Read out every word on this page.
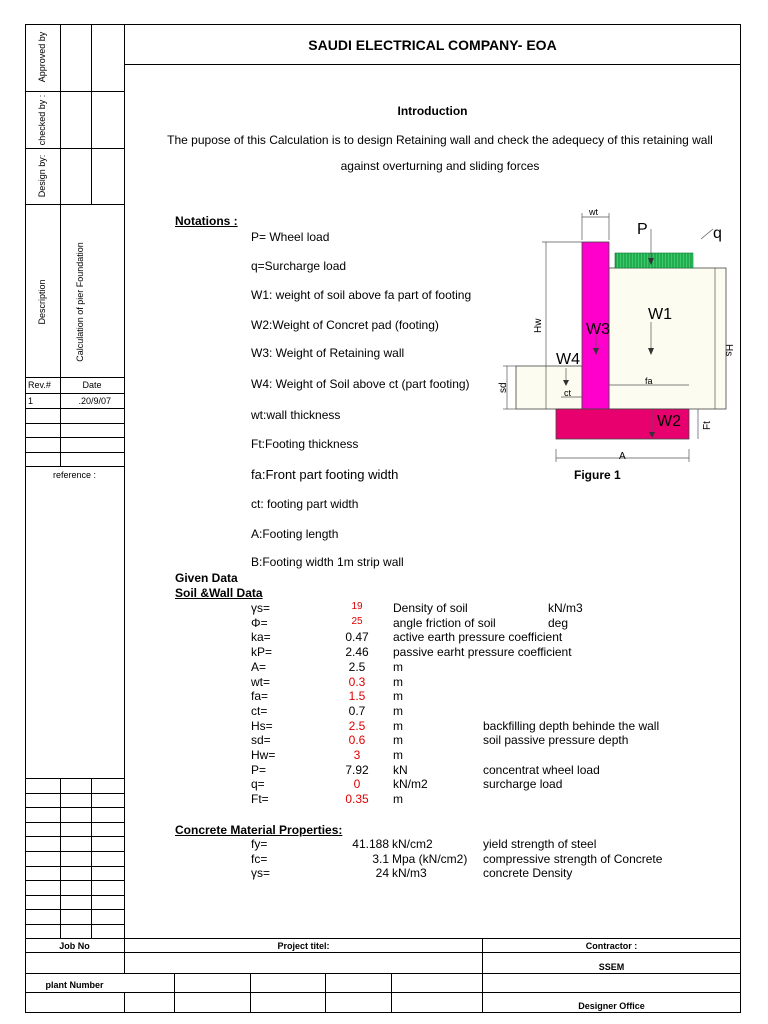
Approved by
checked by :
Design by:
Description	Calculation of pier Foundation
Rev.#	Date
1	.20/9/07
reference :
SAUDI ELECTRICAL COMPANY- EOA
Introduction
The pupose of this Calculation is to design Retaining wall and check the adequecy of this retaining wall
against overturning and sliding forces
Notations :
P= Wheel load
q=Surcharge load
W1: weight of soil above fa part of footing
W2:Weight of Concret pad (footing)
W3: Weight of Retaining wall
W4: Weight of Soil above ct (part footing)
wt:wall thickness
Ft:Footing thickness
fa:Front part footing width
ct: footing part width
A:Footing length
B:Footing width 1m strip wall
wt
P	q
W1
W3
W4
W2
fa
ct
A
Hw
Hs
sd
Ft
Figure 1
Given Data
Soil &Wall Data
γs=	19	Density of soil	kN/m3
Φ=	25	angle friction of soil	deg
ka=	0.47	active earth pressure coefficient
kP=	2.46	passive earht pressure coefficient
A=	2.5	m
wt=	0.3	m
fa=	1.5	m
ct=	0.7	m
Hs=	2.5	m	backfilling depth behinde the wall
sd=	0.6	m	soil passive pressure depth
Hw=	3	m
P=	7.92	kN	concentrat wheel load
q=	0	kN/m2	surcharge load
Ft=	0.35	m
Concrete Material Properties:
fy=	41.188 kN/cm2	yield strength of steel
fc=	3.1 Mpa (kN/cm2) compressive strength of Concrete
γs=	24 kN/m3	concrete Density
Job No	Project titel:	Contractor :
SSEM
plant Number
Designer Office
